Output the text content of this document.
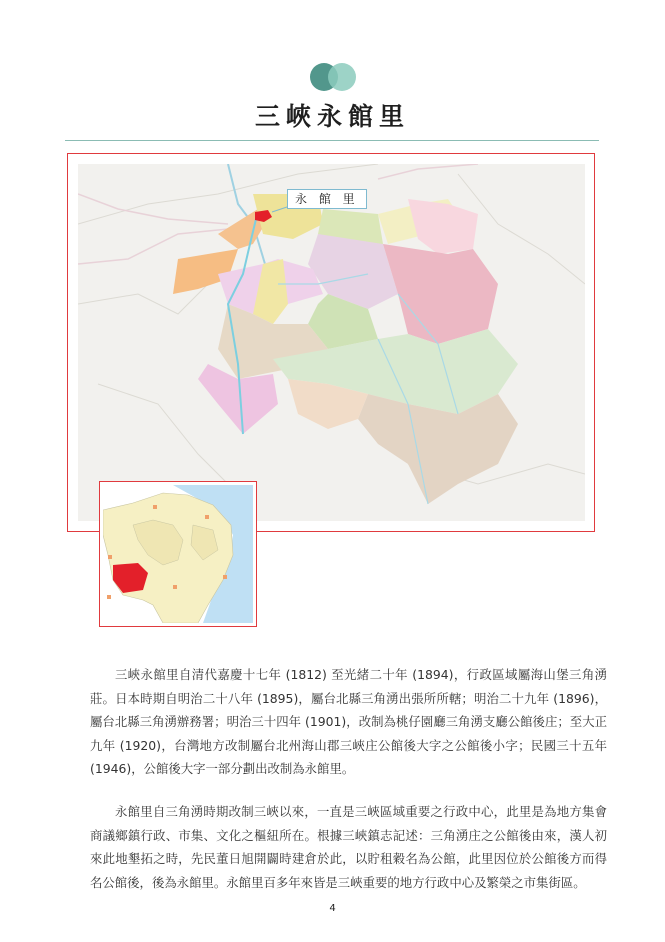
三峽永館里
永 館 里

三峽永館里自清代嘉慶十七年 (1812) 至光緒二十年 (1894)，行政區域屬海山堡三角湧莊。日本時期自明治二十八年 (1895)，屬台北縣三角湧出張所所轄；明治二十九年 (1896)，屬台北縣三角湧辦務署；明治三十四年 (1901)，改制為桃仔園廳三角湧支廳公館後庄；至大正九年 (1920)，台灣地方改制屬台北州海山郡三峽庄公館後大字之公館後小字；民國三十五年 (1946)，公館後大字一部分劃出改制為永館里。

永館里自三角湧時期改制三峽以來，一直是三峽區域重要之行政中心，此里是為地方集會商議鄉鎮行政、市集、文化之樞紐所在。根據三峽鎮志記述：三角湧庄之公館後由來，漢人初來此地墾拓之時，先民董日旭開闢時建倉於此，以貯租穀名為公館，此里因位於公館後方而得名公館後，後為永館里。永館里百多年來皆是三峽重要的地方行政中心及繁榮之市集街區。

4
